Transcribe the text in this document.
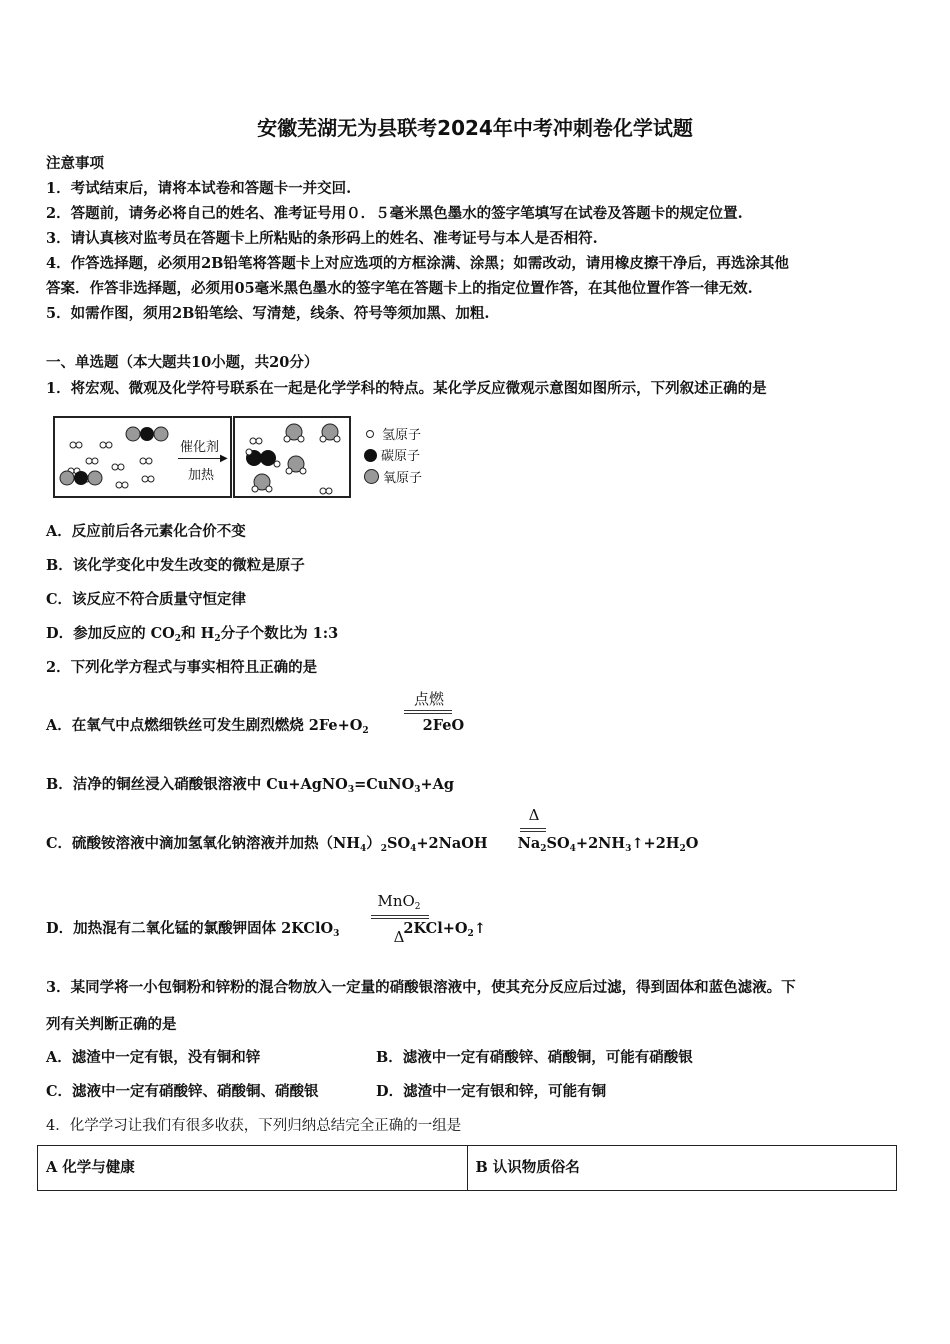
安徽芜湖无为县联考2024年中考冲刺卷化学试题
注意事项
1．考试结束后，请将本试卷和答题卡一并交回.
2．答题前，请务必将自己的姓名、准考证号用０．５毫米黑色墨水的签字笔填写在试卷及答题卡的规定位置.
3．请认真核对监考员在答题卡上所粘贴的条形码上的姓名、准考证号与本人是否相符.
4．作答选择题，必须用2B铅笔将答题卡上对应选项的方框涂满、涂黑；如需改动，请用橡皮擦干净后，再选涂其他
答案．作答非选择题，必须用05毫米黑色墨水的签字笔在答题卡上的指定位置作答，在其他位置作答一律无效.
5．如需作图，须用2B铅笔绘、写清楚，线条、符号等须加黑、加粗.
一、单选题（本大题共10小题，共20分）
1．将宏观、微观及化学符号联系在一起是化学学科的特点。某化学反应微观示意图如图所示，下列叙述正确的是
催化剂
▶
加热
氢原子
碳原子
氧原子
A．反应前后各元素化合价不变
B．该化学变化中发生改变的微粒是原子
C．该反应不符合质量守恒定律
D．参加反应的 $CO_2$和 $H_2$分子个数比为 1:3
2．下列化学方程式与事实相符且正确的是
A．在氧气中点燃细铁丝可发生剧烈燃烧 $2Fe+O_2$	2FeO
点燃
B．洁净的铜丝浸入硝酸银溶液中 Cu+AgNO$_3$=CuNO$_3$+Ag
C．硫酸铵溶液中滴加氢氧化钠溶液并加热$(NH_4)_2SO_4+2NaOH$ $Na_2SO_4+2NH_3↑+2H_2O$
Δ
D．加热混有二氧化锰的氯酸钾固体 2KClO$_3$	$2KCl+O_2↑$
MnO$_2$
Δ
3．某同学将一小包铜粉和锌粉的混合物放入一定量的硝酸银溶液中，使其充分反应后过滤，得到固体和蓝色滤液。下
列有关判断正确的是
A．滤渣中一定有银，没有铜和锌	B．滤液中一定有硝酸锌、硝酸铜，可能有硝酸银
C．滤液中一定有硝酸锌、硝酸铜、硝酸银	D．滤渣中一定有银和锌，可能有铜
4．化学学习让我们有很多收获，下列归纳总结完全正确的一组是
A 化学与健康	B 认识物质俗名
